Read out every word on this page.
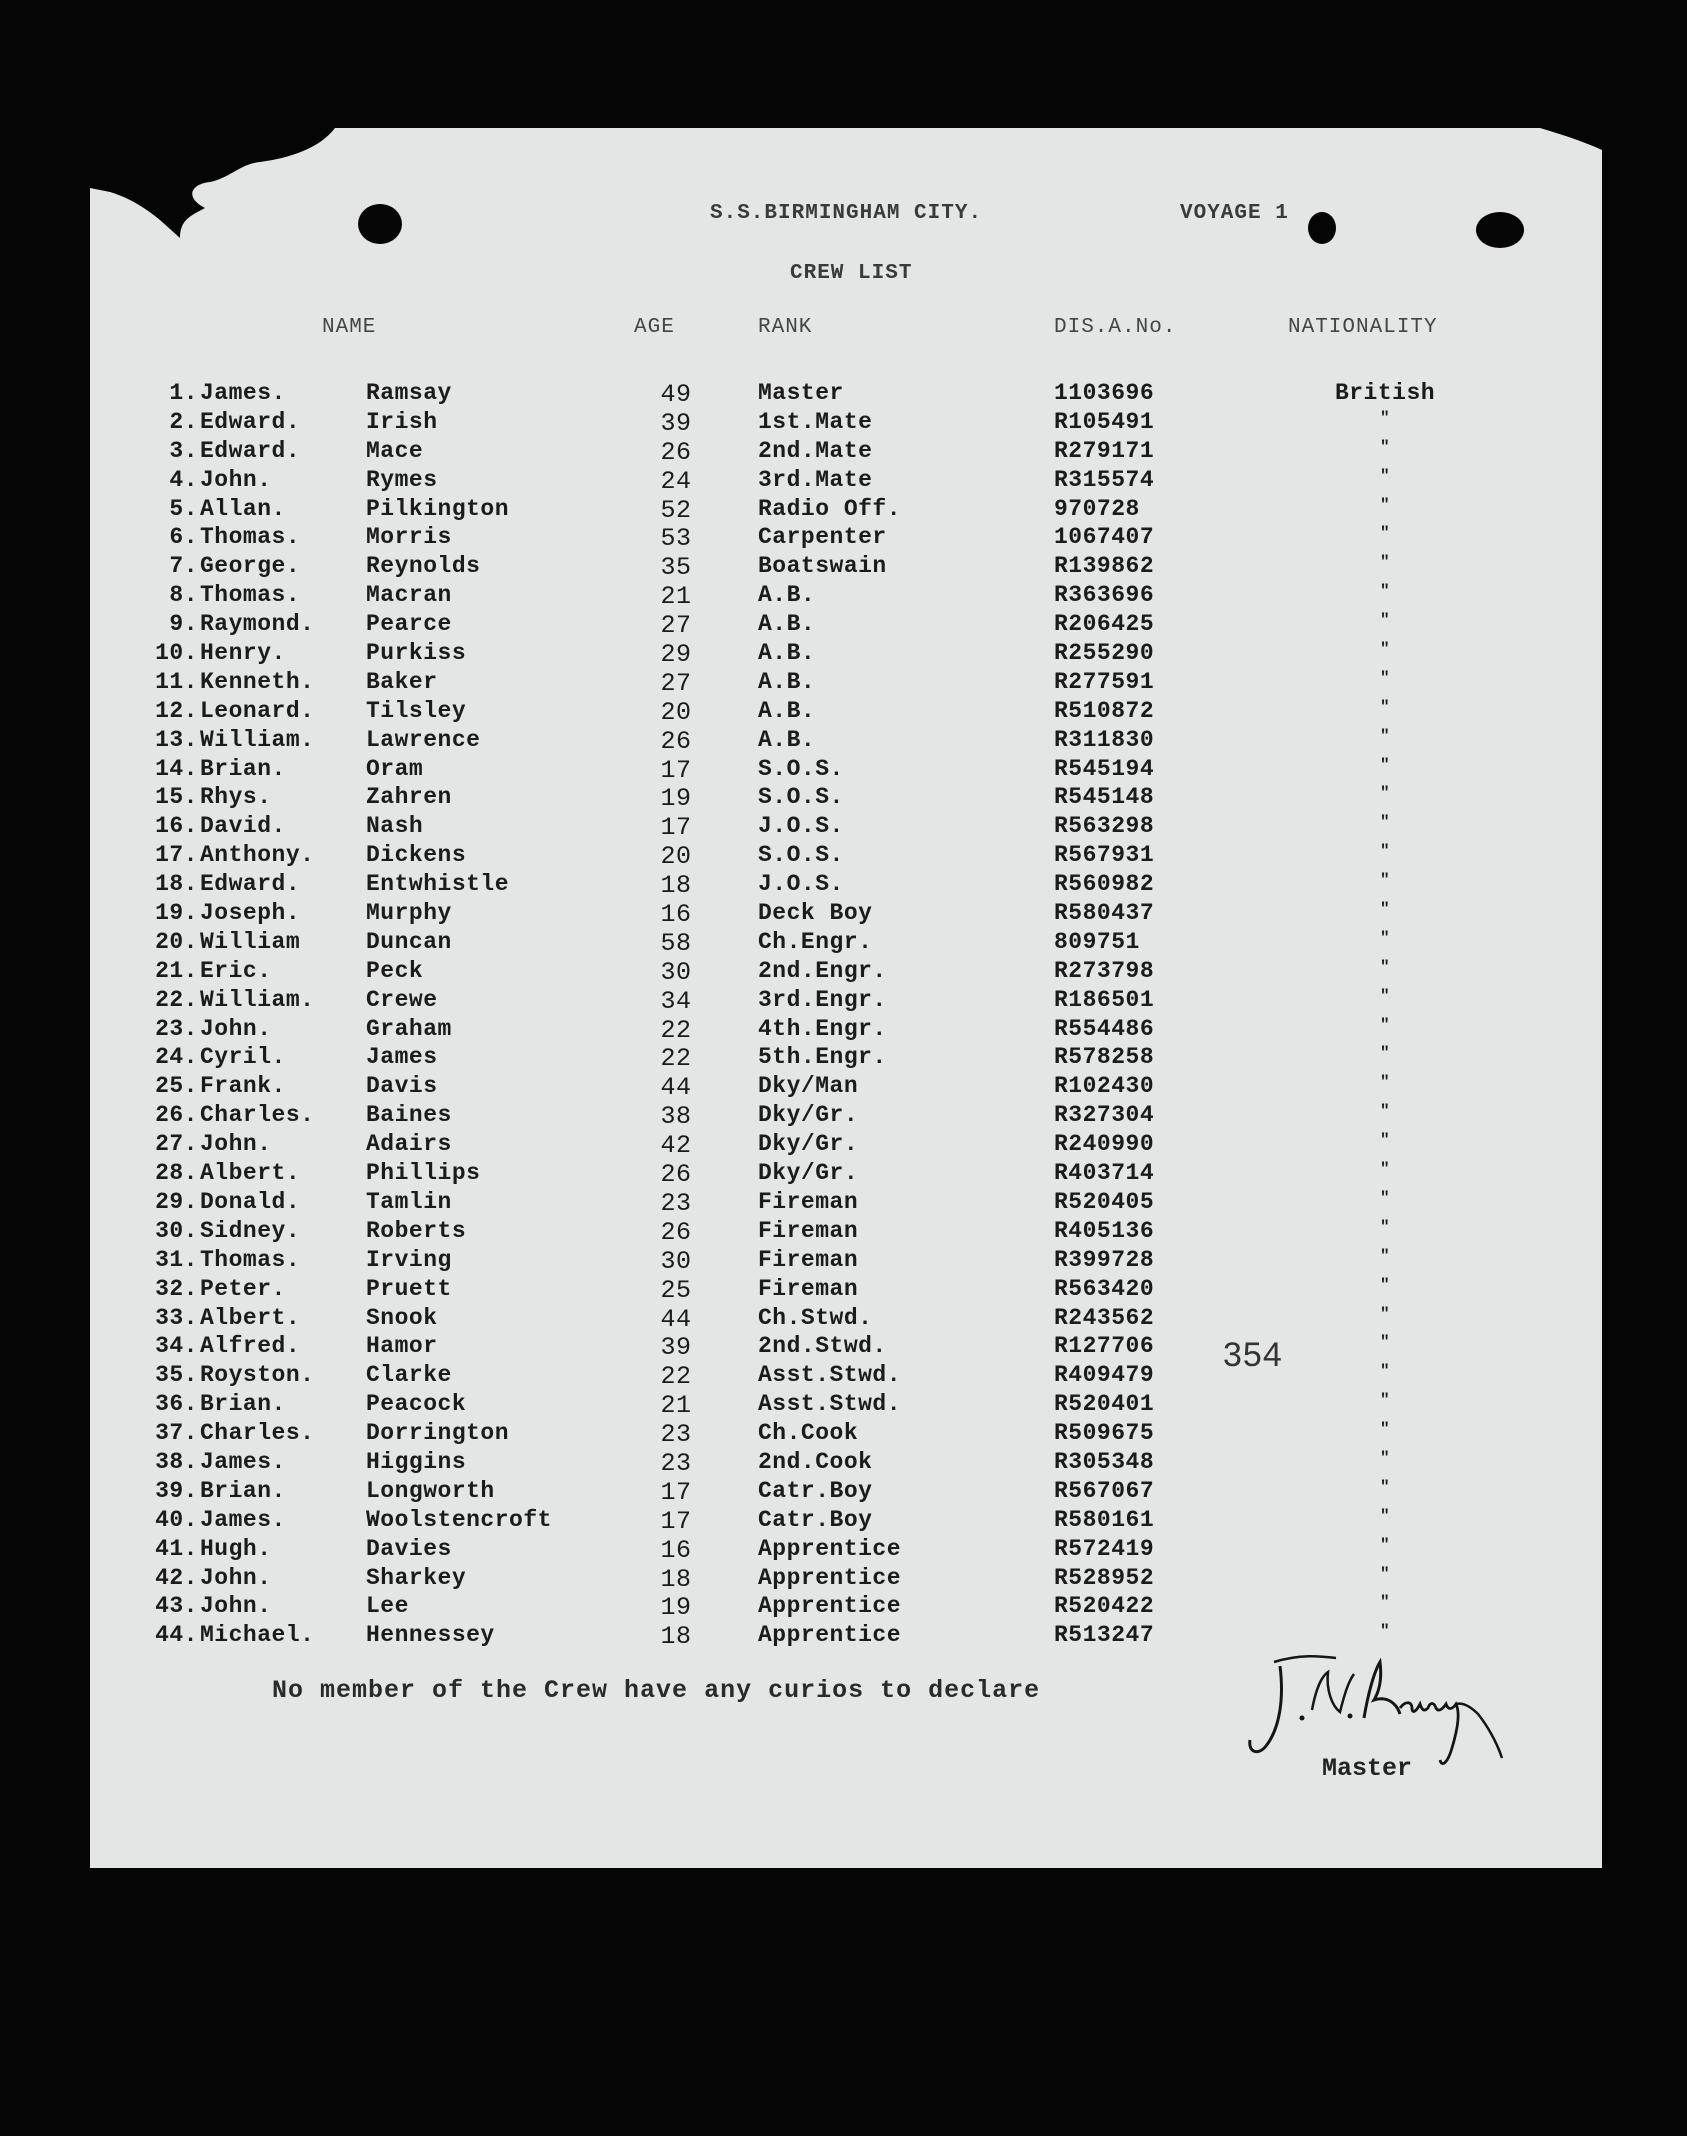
S.S.BIRMINGHAM CITY.	VOYAGE 1
CREW LIST
NAME	AGE	RANK	DIS.A.No.	NATIONALITY
1. James.	Ramsay	49	Master	1103696	British
2. Edward.	Irish	39	1st.Mate	R105491	"
3. Edward.	Mace	26	2nd.Mate	R279171	"
4. John.	Rymes	24	3rd.Mate	R315574	"
5. Allan.	Pilkington	52	Radio Off.	970728	"
6. Thomas.	Morris	53	Carpenter	1067407	"
7. George.	Reynolds	35	Boatswain	R139862	"
8. Thomas.	Macran	21	A.B.	R363696	"
9. Raymond. Pearce	27	A.B.	R206425	"
10. Henry.	Purkiss	29	A.B.	R255290	"
11. Kenneth. Baker	27	A.B.	R277591	"
12. Leonard. Tilsley	20	A.B.	R510872	"
13. William. Lawrence	26	A.B.	R311830	"
14. Brian.	Oram	17	S.O.S.	R545194	"
15. Rhys.	Zahren	19	S.O.S.	R545148	"
16. David.	Nash	17	J.O.S.	R563298	"
17. Anthony. Dickens	20	S.O.S.	R567931	"
18. Edward.	Entwhistle	18	J.O.S.	R560982	"
19. Joseph.	Murphy	16	Deck Boy	R580437	"
20. William	Duncan	58	Ch.Engr.	809751	"
21. Eric.	Peck	30	2nd.Engr.	R273798	"
22. William. Crewe	34	3rd.Engr.	R186501	"
23. John.	Graham	22	4th.Engr.	R554486	"
24. Cyril.	James	22	5th.Engr.	R578258	"
25. Frank.	Davis	44	Dky/Man	R102430	"
26. Charles. Baines	38	Dky/Gr.	R327304	"
27. John.	Adairs	42	Dky/Gr.	R240990	"
28. Albert.	Phillips	26	Dky/Gr.	R403714	"
29. Donald.	Tamlin	23	Fireman	R520405	"
30. Sidney.	Roberts	26	Fireman	R405136	"
31. Thomas.	Irving	30	Fireman	R399728	"
32. Peter.	Pruett	25	Fireman	R563420	"
33. Albert.	Snook	44	Ch.Stwd.	R243562	"
34. Alfred.	Hamor	39	2nd.Stwd.	R127706	"
35. Royston. Clarke	22	Asst.Stwd.	R409479	"
36. Brian.	Peacock	21	Asst.Stwd.	R520401	"
37. Charles. Dorrington	23	Ch.Cook	R509675	"
38. James.	Higgins	23	2nd.Cook	R305348	"
39. Brian.	Longworth	17	Catr.Boy	R567067	"
40. James.	Woolstencroft	17	Catr.Boy	R580161	"
41. Hugh.	Davies	16	Apprentice	R572419	"
42. John.	Sharkey	18	Apprentice	R528952	"
43. John.	Lee	19	Apprentice	R520422	"
44. Michael. Hennessey	18	Apprentice	R513247	"
354
No member of the Crew have any curios to declare
Master
